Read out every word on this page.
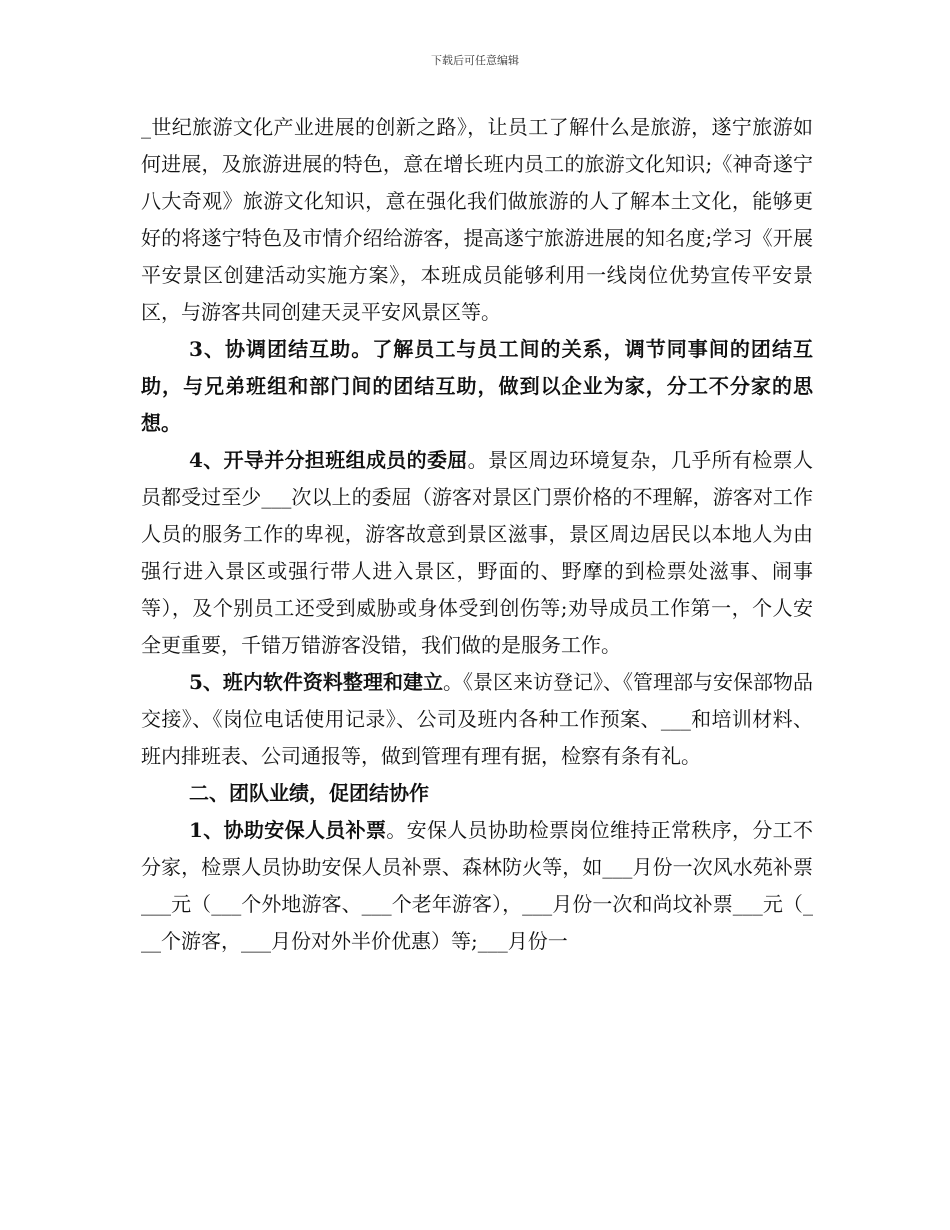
下载后可任意编辑

_世纪旅游文化产业进展的创新之路》，让员工了解什么是旅游，遂宁旅游如何进展，及旅游进展的特色，意在增长班内员工的旅游文化知识;《神奇遂宁八大奇观》旅游文化知识，意在强化我们做旅游的人了解本土文化，能够更好的将遂宁特色及市情介绍给游客，提高遂宁旅游进展的知名度;学习《开展平安景区创建活动实施方案》，本班成员能够利用一线岗位优势宣传平安景区，与游客共同创建天灵平安风景区等。

3、协调团结互助。了解员工与员工间的关系，调节同事间的团结互助，与兄弟班组和部门间的团结互助，做到以企业为家，分工不分家的思想。

4、开导并分担班组成员的委屈。景区周边环境复杂，几乎所有检票人员都受过至少___次以上的委屈（游客对景区门票价格的不理解，游客对工作人员的服务工作的卑视，游客故意到景区滋事，景区周边居民以本地人为由强行进入景区或强行带人进入景区，野面的、野摩的到检票处滋事、闹事等），及个别员工还受到威胁或身体受到创伤等;劝导成员工作第一，个人安全更重要，千错万错游客没错，我们做的是服务工作。

5、班内软件资料整理和建立。《景区来访登记》、《管理部与安保部物品交接》、《岗位电话使用记录》、公司及班内各种工作预案、___和培训材料、班内排班表、公司通报等，做到管理有理有据，检察有条有礼。

二、团队业绩，促团结协作

1、协助安保人员补票。安保人员协助检票岗位维持正常秩序，分工不分家，检票人员协助安保人员补票、森林防火等，如___月份一次风水苑补票___元（___个外地游客、___个老年游客），___月份一次和尚坟补票___元（___个游客，___月份对外半价优惠）等;___月份一
